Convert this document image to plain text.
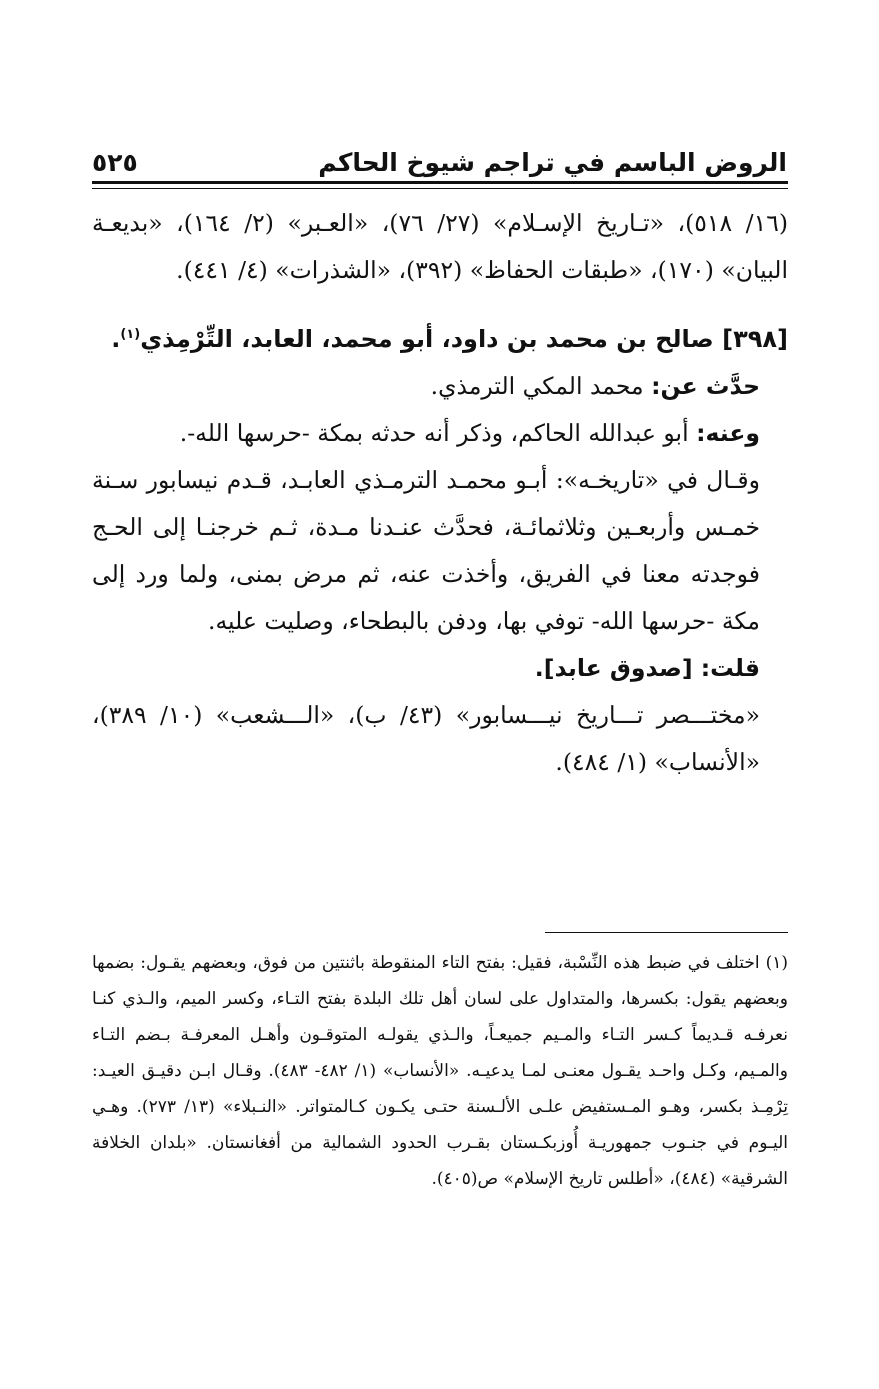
٥٢٥	الروض الباسم في تراجم شيوخ الحاكم

(١٦/ ٥١٨)، «تـاريخ الإسـلام» (٢٧/ ٧٦)، «العـبر» (٢/ ١٦٤)، «بديعـة البيان» (١٧٠)، «طبقات الحفاظ» (٣٩٢)، «الشذرات» (٤/ ٤٤١).

[٣٩٨] صالح بن محمد بن داود، أبو محمد، العابد، التِّرْمِذي$^{(١)}$.

حدَّث عن: محمد المكي الترمذي.

وعنه: أبو عبدالله الحاكم، وذكر أنه حدثه بمكة -حرسها الله-.

وقـال في «تاريخـه»: أبـو محمـد الترمـذي العابـد، قـدم نيسابور سـنة خمـس وأربعـين وثلاثمائـة، فحدَّث عنـدنا مـدة، ثـم خرجنـا إلى الحـج فوجدته معنا في الفريق، وأخذت عنه، ثم مرض بمنى، ولما ورد إلى مكة -حرسها الله- توفي بها، ودفن بالبطحاء، وصليت عليه.

قلت: [صدوق عابد].

«مختـــصر تـــاريخ نيـــسابور» (٤٣/ ب)، «الـــشعب» (١٠/ ٣٨٩)، «الأنساب» (١/ ٤٨٤).

(١) اختلف في ضبط هذه النِّسْبة، فقيل: بفتح التاء المنقوطة باثنتين من فوق، وبعضهم يقـول: بضمها وبعضهم يقول: بكسرها، والمتداول على لسان أهل تلك البلدة بفتح التـاء، وكسر الميم، والـذي كنـا نعرفـه قـديماً كـسر التـاء والمـيم جميعـاً، والـذي يقولـه المتوقـون وأهـل المعرفـة بـضم التـاء والمـيم، وكـل واحـد يقـول معنـى لمـا يدعيـه. «الأنساب» (١/ ٤٨٢- ٤٨٣). وقـال ابـن دقيـق العيـد: تِرْمِـذ بكسر، وهـو المـستفيض علـى الألـسنة حتـى يكـون كـالمتواتر. «النـبلاء» (١٣/ ٢٧٣). وهـي اليـوم في جنـوب جمهوريـة أُوزبكـستان بقـرب الحدود الشمالية من أفغانستان. «بلدان الخلافة الشرقية» (٤٨٤)، «أطلس تاريخ الإسلام» ص(٤٠٥).
